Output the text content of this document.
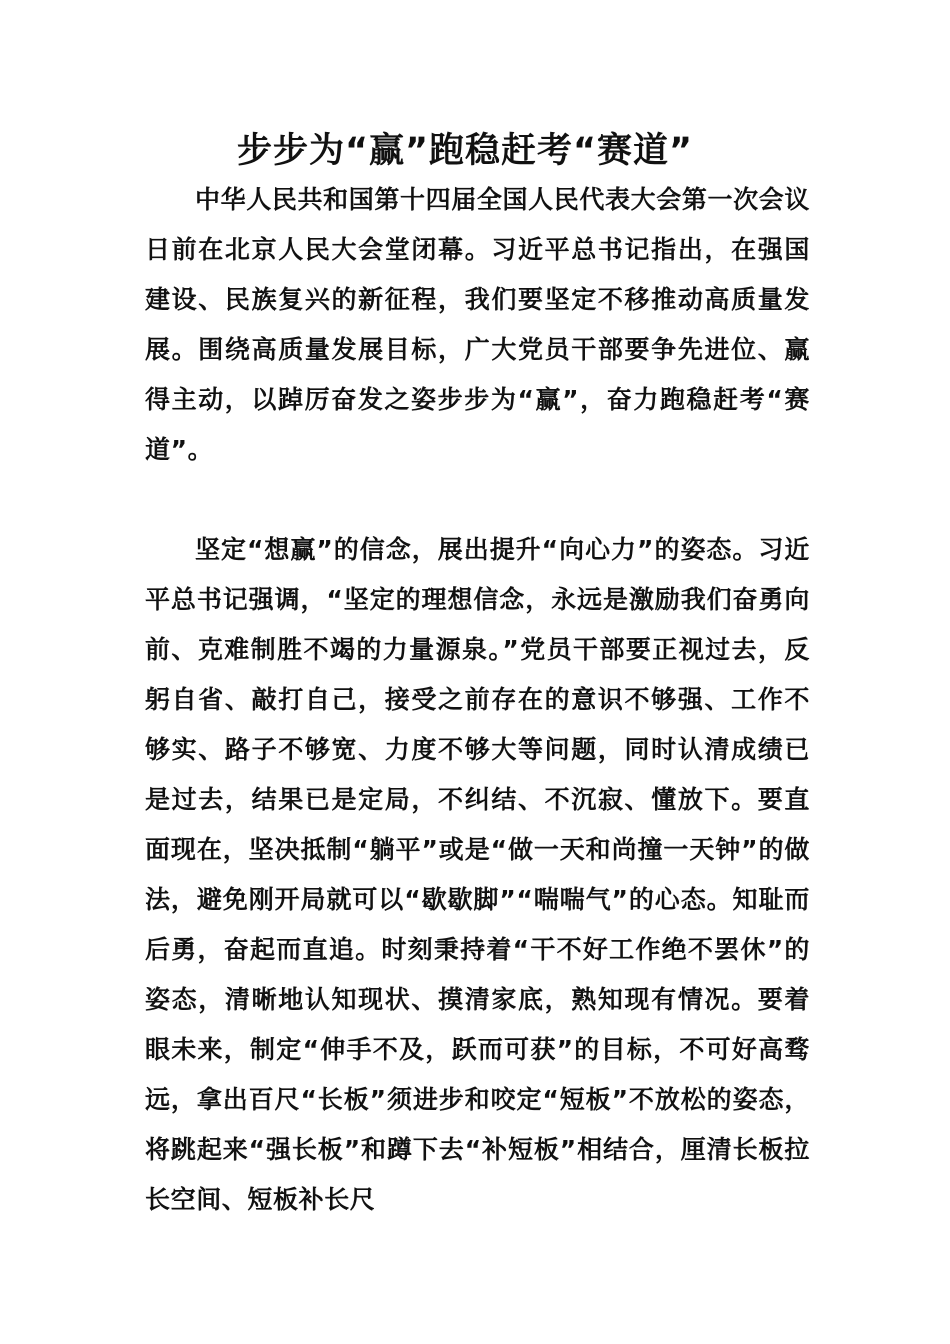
步步为“赢”跑稳赶考“赛道”

中华人民共和国第十四届全国人民代表大会第一次会议日前在北京人民大会堂闭幕。习近平总书记指出，在强国建设、民族复兴的新征程，我们要坚定不移推动高质量发展。围绕高质量发展目标，广大党员干部要争先进位、赢得主动，以踔厉奋发之姿步步为“赢”，奋力跑稳赶考“赛道”。

坚定“想赢”的信念，展出提升“向心力”的姿态。习近平总书记强调，“坚定的理想信念，永远是激励我们奋勇向前、克难制胜不竭的力量源泉。”党员干部要正视过去，反躬自省、敲打自己，接受之前存在的意识不够强、工作不够实、路子不够宽、力度不够大等问题，同时认清成绩已是过去，结果已是定局，不纠结、不沉寂、懂放下。要直面现在，坚决抵制“躺平”或是“做一天和尚撞一天钟”的做法，避免刚开局就可以“歇歇脚”“喘喘气”的心态。知耻而后勇，奋起而直追。时刻秉持着“干不好工作绝不罢休”的姿态，清晰地认知现状、摸清家底，熟知现有情况。要着眼未来，制定“伸手不及，跃而可获”的目标，不可好高骛远，拿出百尺“长板”须进步和咬定“短板”不放松的姿态，将跳起来“强长板”和蹲下去“补短板”相结合，厘清长板拉长空间、短板补长尺
